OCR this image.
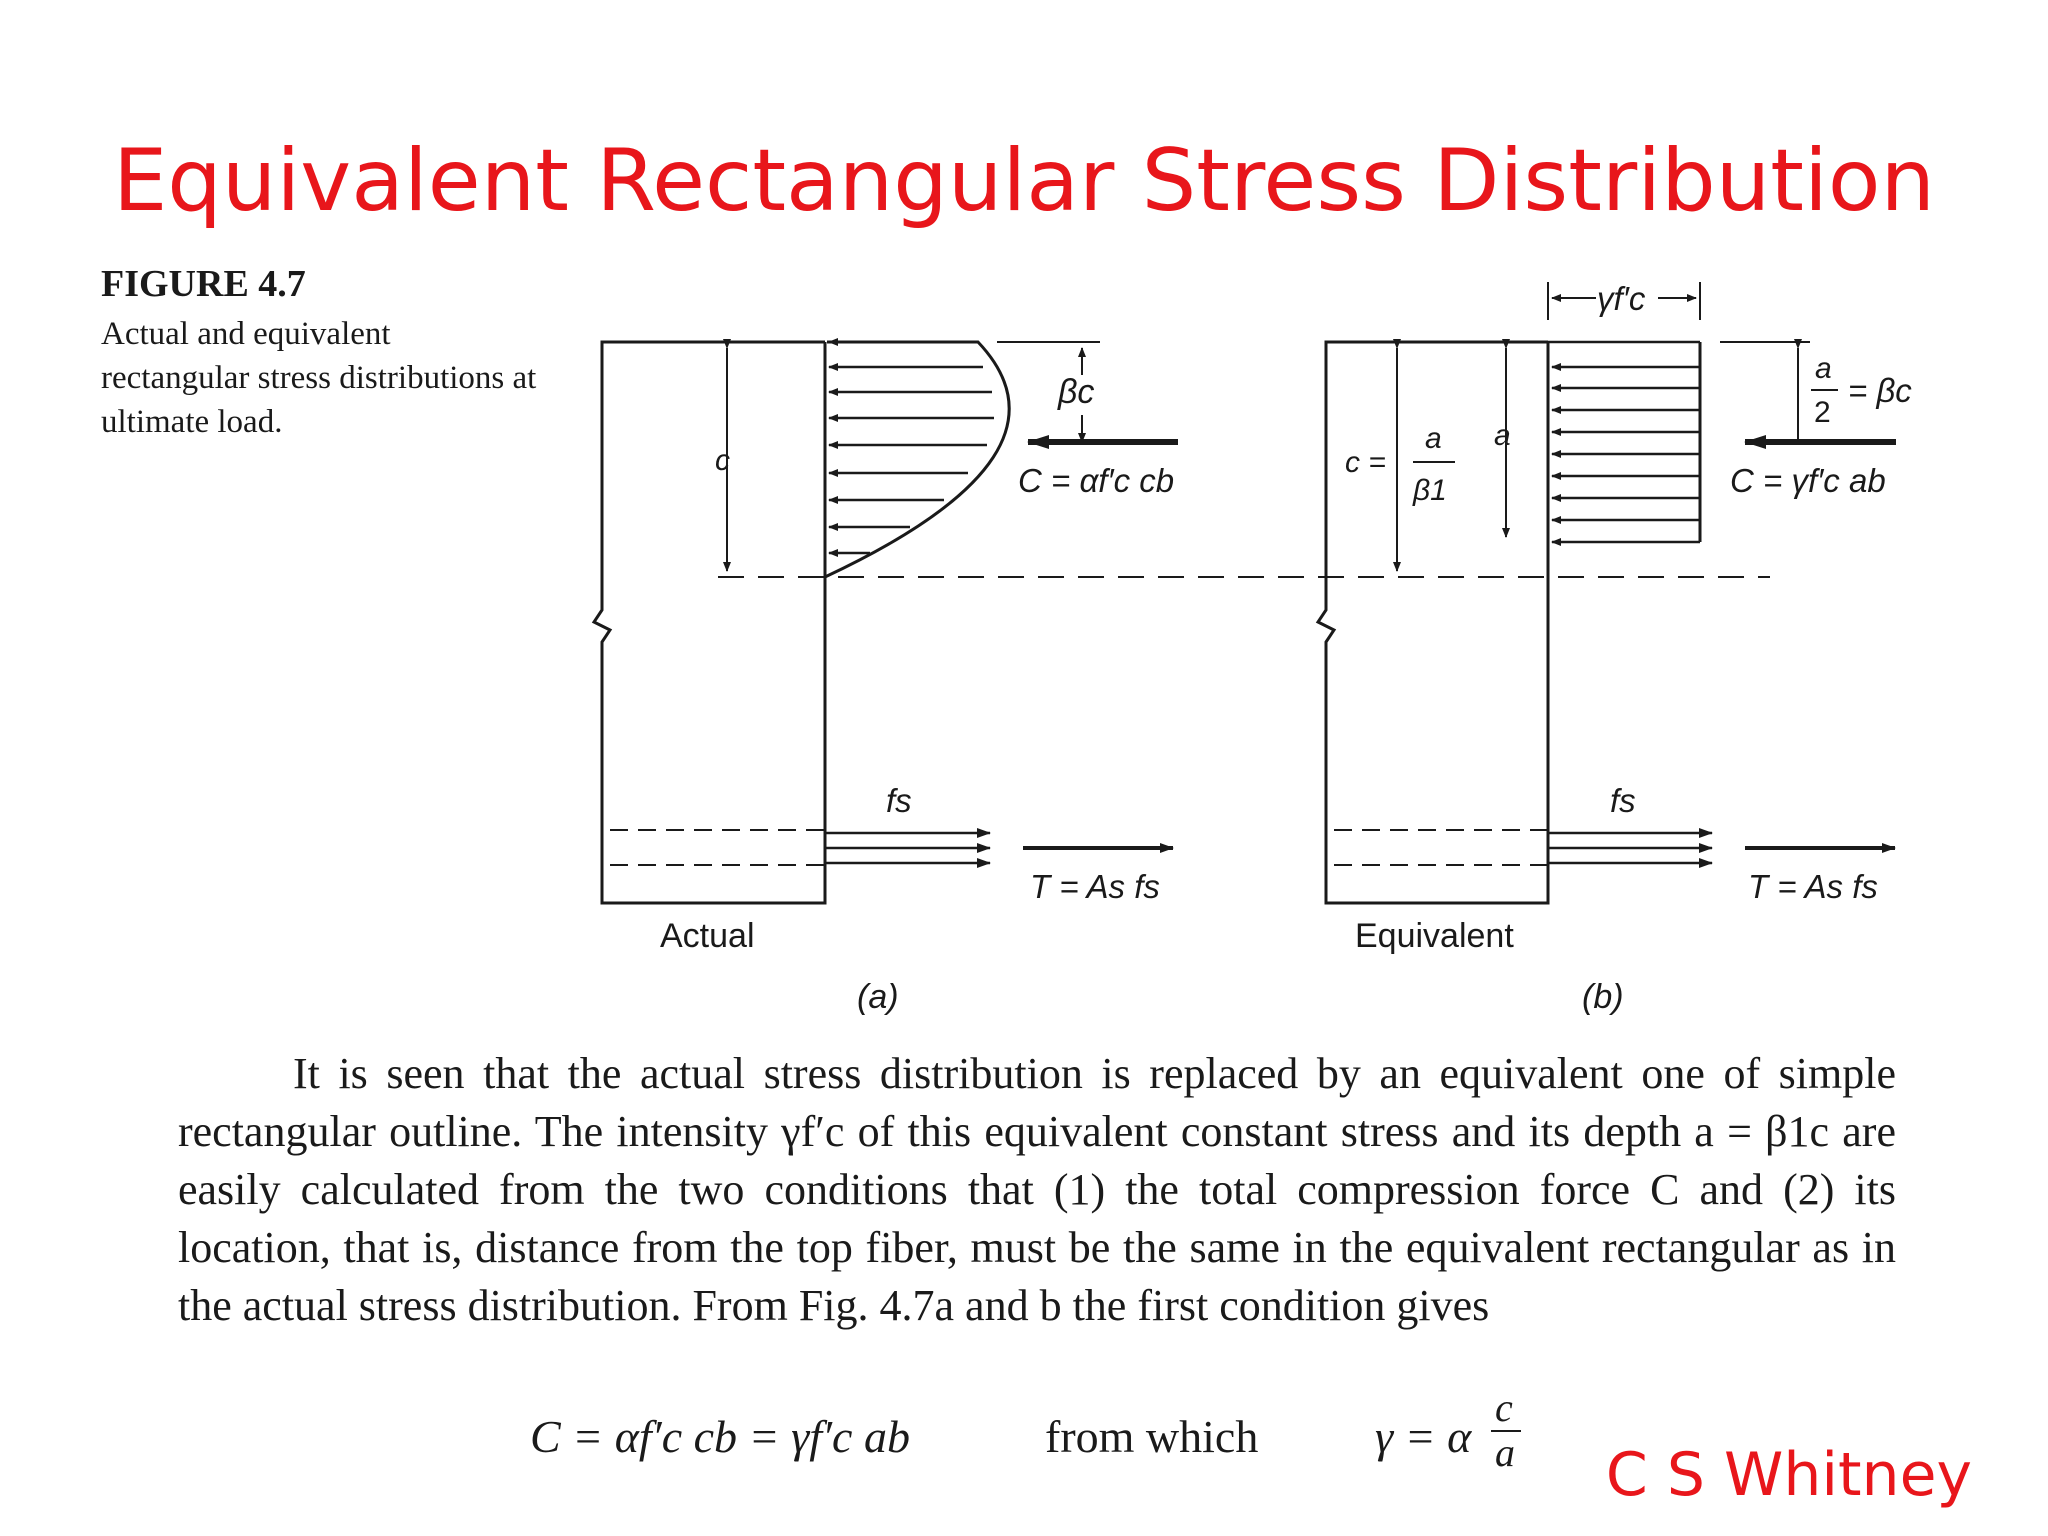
Equivalent Rectangular Stress Distribution

FIGURE 4.7

Actual and equivalent rectangular stress distributions at ultimate load.

c
βc
C = αf′c cb
fs
T = As fs
Actual
(a)
γf′c
c =
a
β1
a
a
2
= βc
C = γf′c ab
fs
T = As fs
Equivalent
(b)

It is seen that the actual stress distribution is replaced by an equivalent one of simple rectangular outline. The intensity γf′c of this equivalent constant stress and its depth a = β1c are easily calculated from the two conditions that (1) the total compression force C and (2) its location, that is, distance from the top fiber, must be the same in the equivalent rectangular as in the actual stress distribution. From Fig. 4.7a and b the first condition gives

C = αf′c cb = γf′c ab	from which	γ = α
c
a C S Whitney
